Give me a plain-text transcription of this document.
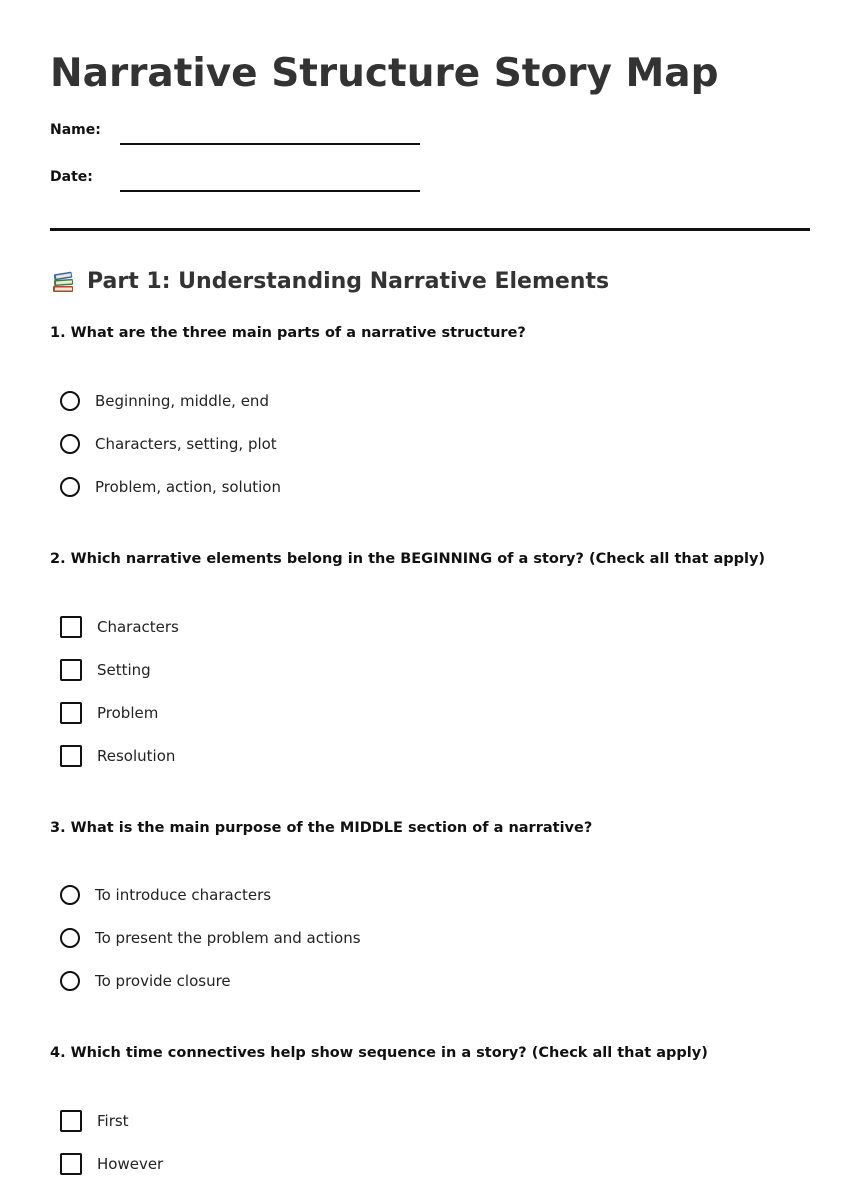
Narrative Structure Story Map
Name:
Date:
Part 1: Understanding Narrative Elements
1. What are the three main parts of a narrative structure?
Beginning, middle, end
Characters, setting, plot
Problem, action, solution
2. Which narrative elements belong in the BEGINNING of a story? (Check all that apply)
Characters
Setting
Problem
Resolution
3. What is the main purpose of the MIDDLE section of a narrative?
To introduce characters
To present the problem and actions
To provide closure
4. Which time connectives help show sequence in a story? (Check all that apply)
First
However
